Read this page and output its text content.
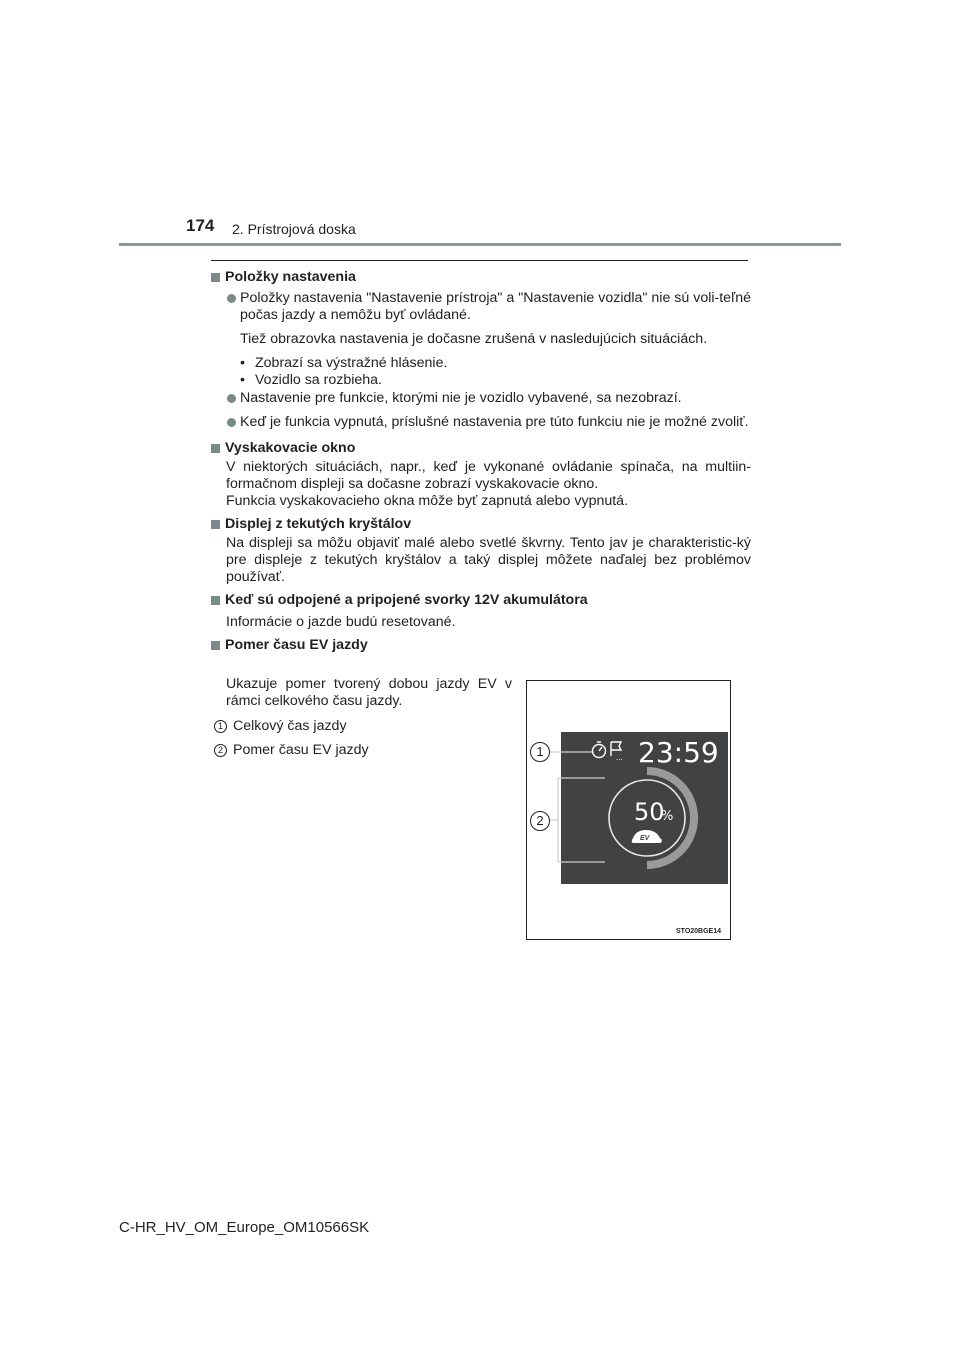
174 2. Prístrojová doska
Položky nastavenia
Položky nastavenia "Nastavenie prístroja" a "Nastavenie vozidla" nie sú voli-teľné počas jazdy a nemôžu byť ovládané.
Tiež obrazovka nastavenia je dočasne zrušená v nasledujúcich situáciách.
• Zobrazí sa výstražné hlásenie.
• Vozidlo sa rozbieha.
Nastavenie pre funkcie, ktorými nie je vozidlo vybavené, sa nezobrazí.
Keď je funkcia vypnutá, príslušné nastavenia pre túto funkciu nie je možné zvoliť.
Vyskakovacie okno
V niektorých situáciách, napr., keď je vykonané ovládanie spínača, na multiin-formačnom displeji sa dočasne zobrazí vyskakovacie okno.
Funkcia vyskakovacieho okna môže byť zapnutá alebo vypnutá.
Displej z tekutých kryštálov
Na displeji sa môžu objaviť malé alebo svetlé škvrny. Tento jav je charakteristic-ký pre displeje z tekutých kryštálov a taký displej môžete naďalej bez problémov používať.
Keď sú odpojené a pripojené svorky 12V akumulátora
Informácie o jazde budú resetované.
Pomer času EV jazdy
Ukazuje pomer tvorený dobou jazdy EV v rámci celkového času jazdy.
1 Celkový čas jazdy
2 Pomer času EV jazdy	... 23:59
50
%
EV
1
2
STO20BGE14
C-HR_HV_OM_Europe_OM10566SK
